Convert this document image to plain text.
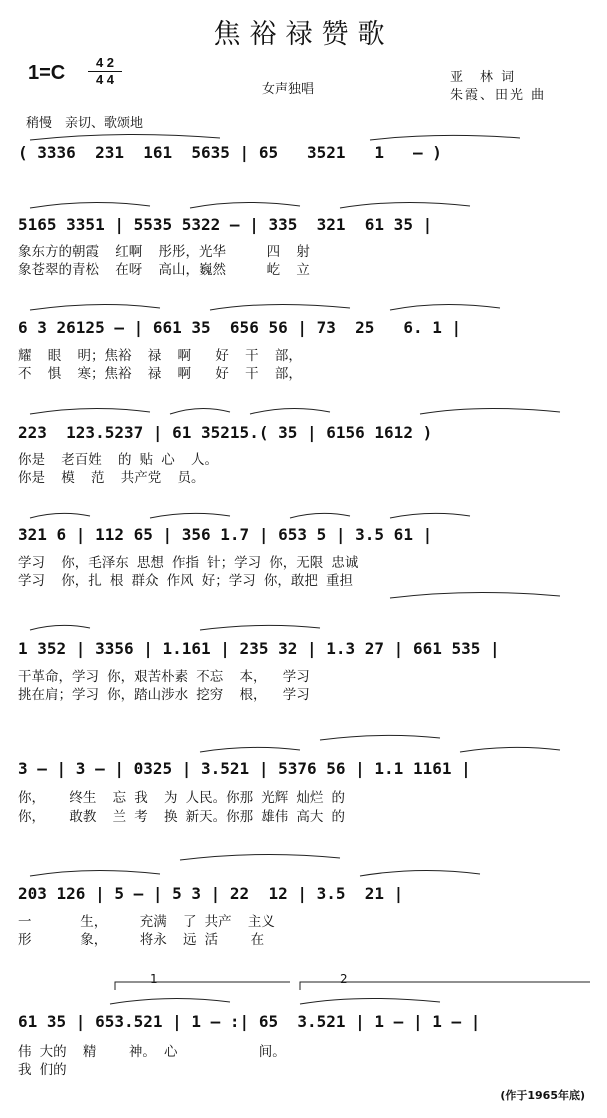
焦裕禄赞歌
1=C	4 2
4 4
女声独唱
亚　林 词
朱霞、田光 曲
稍慢　亲切、歌颂地
( 3336  231  161  5635 | 65   3521   1   — )
5165 3351 | 5535 5322 — | 335  321  61 35 |
象东方的朝霞  红啊  彤彤，光华     四  射
象苍翠的青松  在呀  高山，巍然     屹  立
6 3 26125 — | 661 35  656 56 | 73  25   6. 1 |
耀  眼  明；焦裕  禄  啊   好  干  部，
不  惧  寒；焦裕  禄  啊   好  干  部，
223  123.5237 | 61 35215.( 35 | 6156 1612 )
你是  老百姓  的 贴 心  人。
你是  模  范  共产党  员。
321 6 | 112 65 | 356 1.7 | 653 5 | 3.5 61 |
学习  你，毛泽东 思想 作指 针；学习 你，无限 忠诚
学习  你，扎 根 群众 作风 好；学习 你，敢把 重担
1 352 | 3356 | 1.161 | 235 32 | 1.3 27 | 661 535 |
干革命，学习 你，艰苦朴素 不忘  本，  学习
挑在肩；学习 你，踏山涉水 挖穷  根，  学习
3 — | 3 — | 0325 | 3.521 | 5376 56 | 1.1 1161 |
你，   终生  忘 我  为 人民。你那 光辉 灿烂 的
你，   敢教  兰 考  换 新天。你那 雄伟 高大 的
203 126 | 5 — | 5 3 | 22  12 | 3.5  21 |
一      生，    充满  了 共产  主义
形      象，    将永  远 活    在
1	2
61 35 | 653.521 | 1 — :| 65  3.521 | 1 — | 1 — |
伟 大的  精    神。 心          间。
我 们的
(作于1965年底)
